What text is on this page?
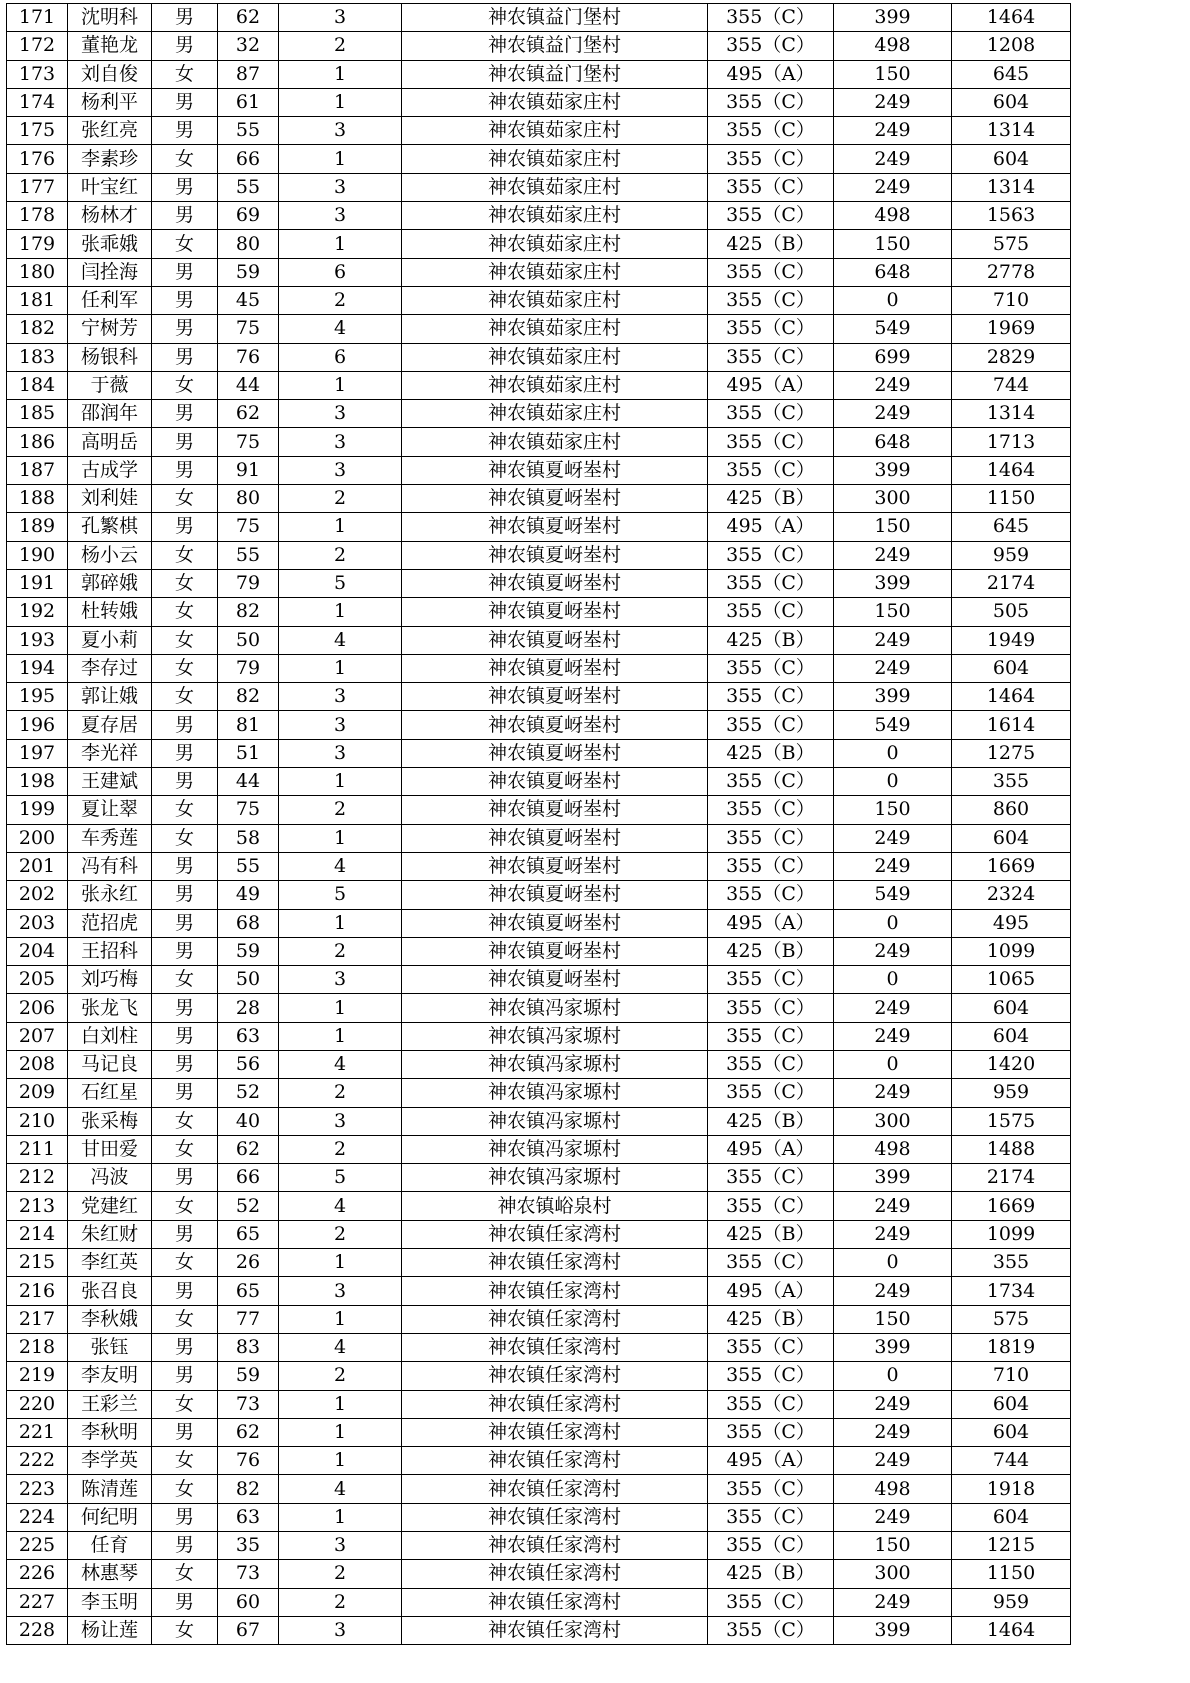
171	沈明科	男	62	3	神农镇益门堡村	355（C）	399	1464
172	董艳龙	男	32	2	神农镇益门堡村	355（C）	498	1208
173	刘自俊	女	87	1	神农镇益门堡村	495（A）	150	645
174	杨利平	男	61	1	神农镇茹家庄村	355（C）	249	604
175	张红亮	男	55	3	神农镇茹家庄村	355（C）	249	1314
176	李素珍	女	66	1	神农镇茹家庄村	355（C）	249	604
177	叶宝红	男	55	3	神农镇茹家庄村	355（C）	249	1314
178	杨林才	男	69	3	神农镇茹家庄村	355（C）	498	1563
179	张乖娥	女	80	1	神农镇茹家庄村	425（B）	150	575
180	闫拴海	男	59	6	神农镇茹家庄村	355（C）	648	2778
181	任利军	男	45	2	神农镇茹家庄村	355（C）	0	710
182	宁树芳	男	75	4	神农镇茹家庄村	355（C）	549	1969
183	杨银科	男	76	6	神农镇茹家庄村	355（C）	699	2829
184	于薇	女	44	1	神农镇茹家庄村	495（A）	249	744
185	邵润年	男	62	3	神农镇茹家庄村	355（C）	249	1314
186	高明岳	男	75	3	神农镇茹家庄村	355（C）	648	1713
187	古成学	男	91	3	神农镇夏岈峚村	355（C）	399	1464
188	刘利娃	女	80	2	神农镇夏岈峚村	425（B）	300	1150
189	孔繁棋	男	75	1	神农镇夏岈峚村	495（A）	150	645
190	杨小云	女	55	2	神农镇夏岈峚村	355（C）	249	959
191	郭碎娥	女	79	5	神农镇夏岈峚村	355（C）	399	2174
192	杜转娥	女	82	1	神农镇夏岈峚村	355（C）	150	505
193	夏小莉	女	50	4	神农镇夏岈峚村	425（B）	249	1949
194	李存过	女	79	1	神农镇夏岈峚村	355（C）	249	604
195	郭让娥	女	82	3	神农镇夏岈峚村	355（C）	399	1464
196	夏存居	男	81	3	神农镇夏岈峚村	355（C）	549	1614
197	李光祥	男	51	3	神农镇夏岈峚村	425（B）	0	1275
198	王建斌	男	44	1	神农镇夏岈峚村	355（C）	0	355
199	夏让翠	女	75	2	神农镇夏岈峚村	355（C）	150	860
200	车秀莲	女	58	1	神农镇夏岈峚村	355（C）	249	604
201	冯有科	男	55	4	神农镇夏岈峚村	355（C）	249	1669
202	张永红	男	49	5	神农镇夏岈峚村	355（C）	549	2324
203	范招虎	男	68	1	神农镇夏岈峚村	495（A）	0	495
204	王招科	男	59	2	神农镇夏岈峚村	425（B）	249	1099
205	刘巧梅	女	50	3	神农镇夏岈峚村	355（C）	0	1065
206	张龙飞	男	28	1	神农镇冯家塬村	355（C）	249	604
207	白刘柱	男	63	1	神农镇冯家塬村	355（C）	249	604
208	马记良	男	56	4	神农镇冯家塬村	355（C）	0	1420
209	石红星	男	52	2	神农镇冯家塬村	355（C）	249	959
210	张采梅	女	40	3	神农镇冯家塬村	425（B）	300	1575
211	甘田爱	女	62	2	神农镇冯家塬村	495（A）	498	1488
212	冯波	男	66	5	神农镇冯家塬村	355（C）	399	2174
213	党建红	女	52	4	神农镇峪泉村	355（C）	249	1669
214	朱红财	男	65	2	神农镇任家湾村	425（B）	249	1099
215	李红英	女	26	1	神农镇任家湾村	355（C）	0	355
216	张召良	男	65	3	神农镇任家湾村	495（A）	249	1734
217	李秋娥	女	77	1	神农镇任家湾村	425（B）	150	575
218	张钰	男	83	4	神农镇任家湾村	355（C）	399	1819
219	李友明	男	59	2	神农镇任家湾村	355（C）	0	710
220	王彩兰	女	73	1	神农镇任家湾村	355（C）	249	604
221	李秋明	男	62	1	神农镇任家湾村	355（C）	249	604
222	李学英	女	76	1	神农镇任家湾村	495（A）	249	744
223	陈清莲	女	82	4	神农镇任家湾村	355（C）	498	1918
224	何纪明	男	63	1	神农镇任家湾村	355（C）	249	604
225	任育	男	35	3	神农镇任家湾村	355（C）	150	1215
226	林惠琴	女	73	2	神农镇任家湾村	425（B）	300	1150
227	李玉明	男	60	2	神农镇任家湾村	355（C）	249	959
228	杨让莲	女	67	3	神农镇任家湾村	355（C）	399	1464
